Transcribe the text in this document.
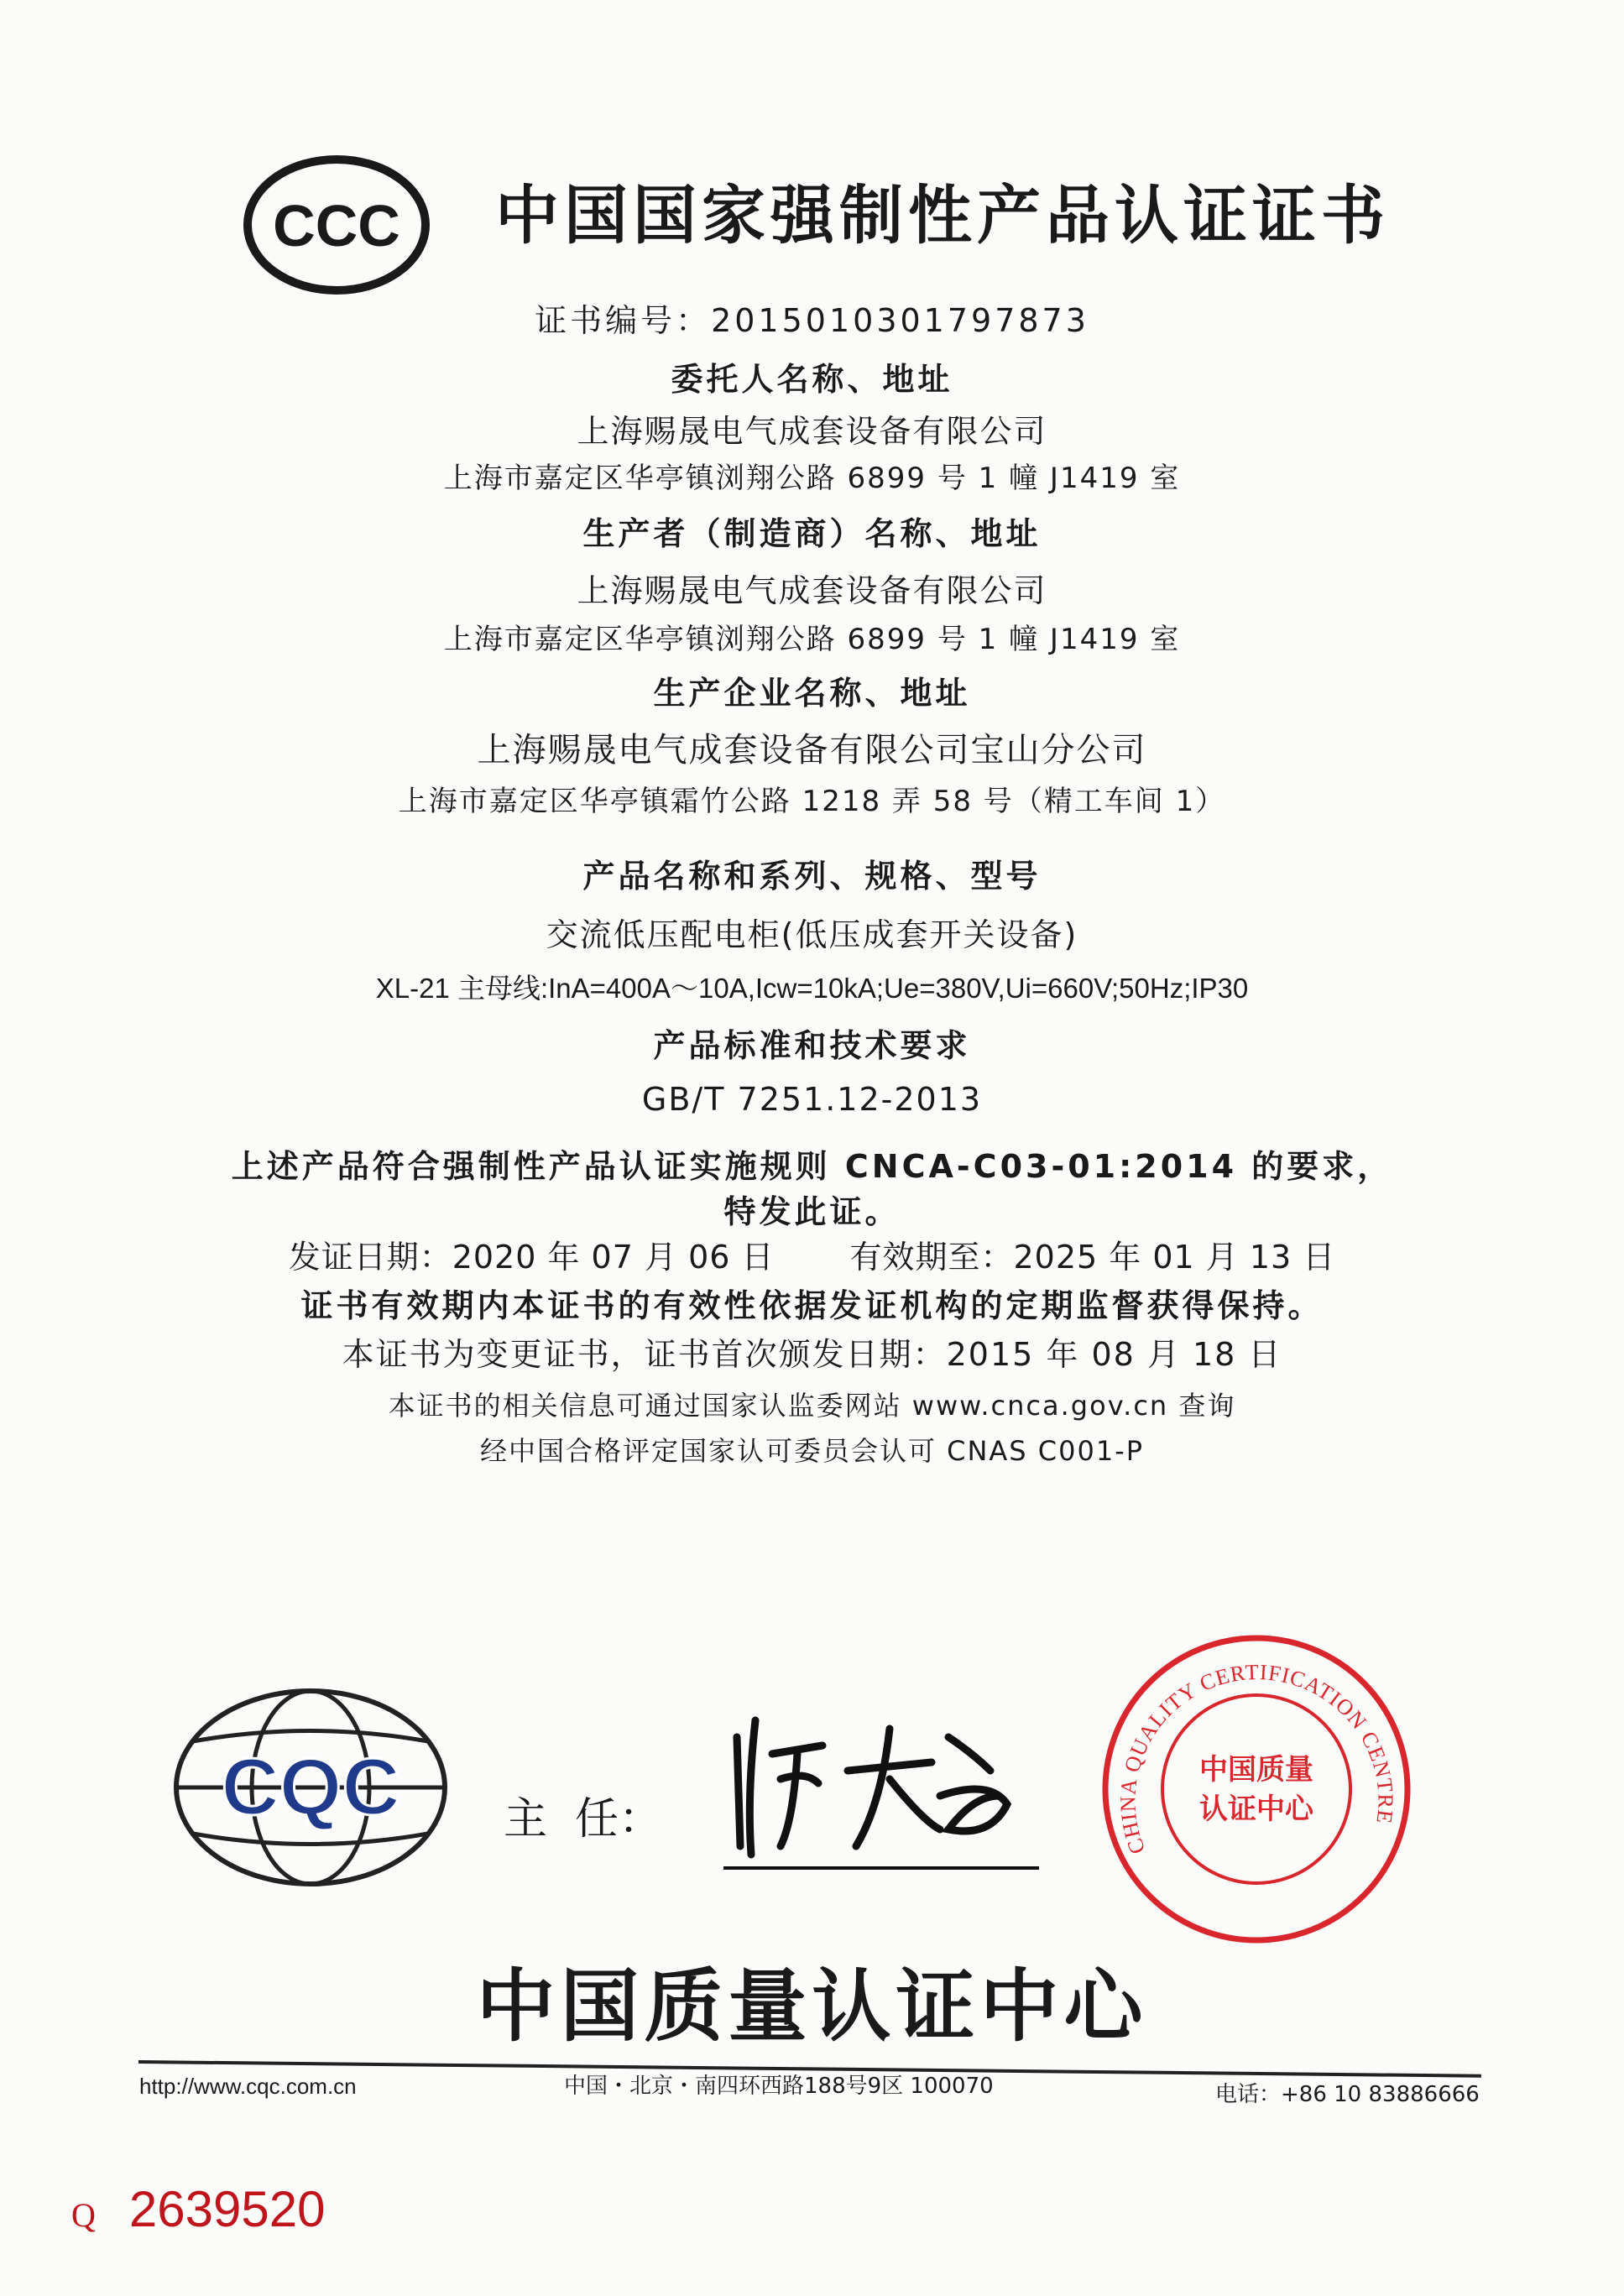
CCC 中国国家强制性产品认证证书
证书编号：2015010301797873
委托人名称、地址
上海赐晟电气成套设备有限公司
上海市嘉定区华亭镇浏翔公路 6899 号 1 幢 J1419 室
生产者（制造商）名称、地址
上海赐晟电气成套设备有限公司
上海市嘉定区华亭镇浏翔公路 6899 号 1 幢 J1419 室
生产企业名称、地址
上海赐晟电气成套设备有限公司宝山分公司
上海市嘉定区华亭镇霜竹公路 1218 弄 58 号（精工车间 1）
产品名称和系列、规格、型号
交流低压配电柜(低压成套开关设备)
XL-21 主母线:InA=400A～10A,Icw=10kA;Ue=380V,Ui=660V;50Hz;IP30
产品标准和技术要求
GB/T 7251.12-2013
上述产品符合强制性产品认证实施规则 CNCA-C03-01:2014 的要求，
特发此证。
发证日期：2020 年 07 月 06 日 有效期至：2025 年 01 月 13 日
证书有效期内本证书的有效性依据发证机构的定期监督获得保持。
本证书为变更证书，证书首次颁发日期：2015 年 08 月 18 日
本证书的相关信息可通过国家认监委网站 www.cnca.gov.cn 查询
经中国合格评定国家认可委员会认可 CNAS C001-P
CQC 主  任：
CHINA QUALITY CERTIFICATION CENTRE
中国质量
认证中心
中国质量认证中心
http://www.cqc.com.cn	中国・北京・南四环西路188号9区 100070	电话：+86 10 83886666
Q 2639520
